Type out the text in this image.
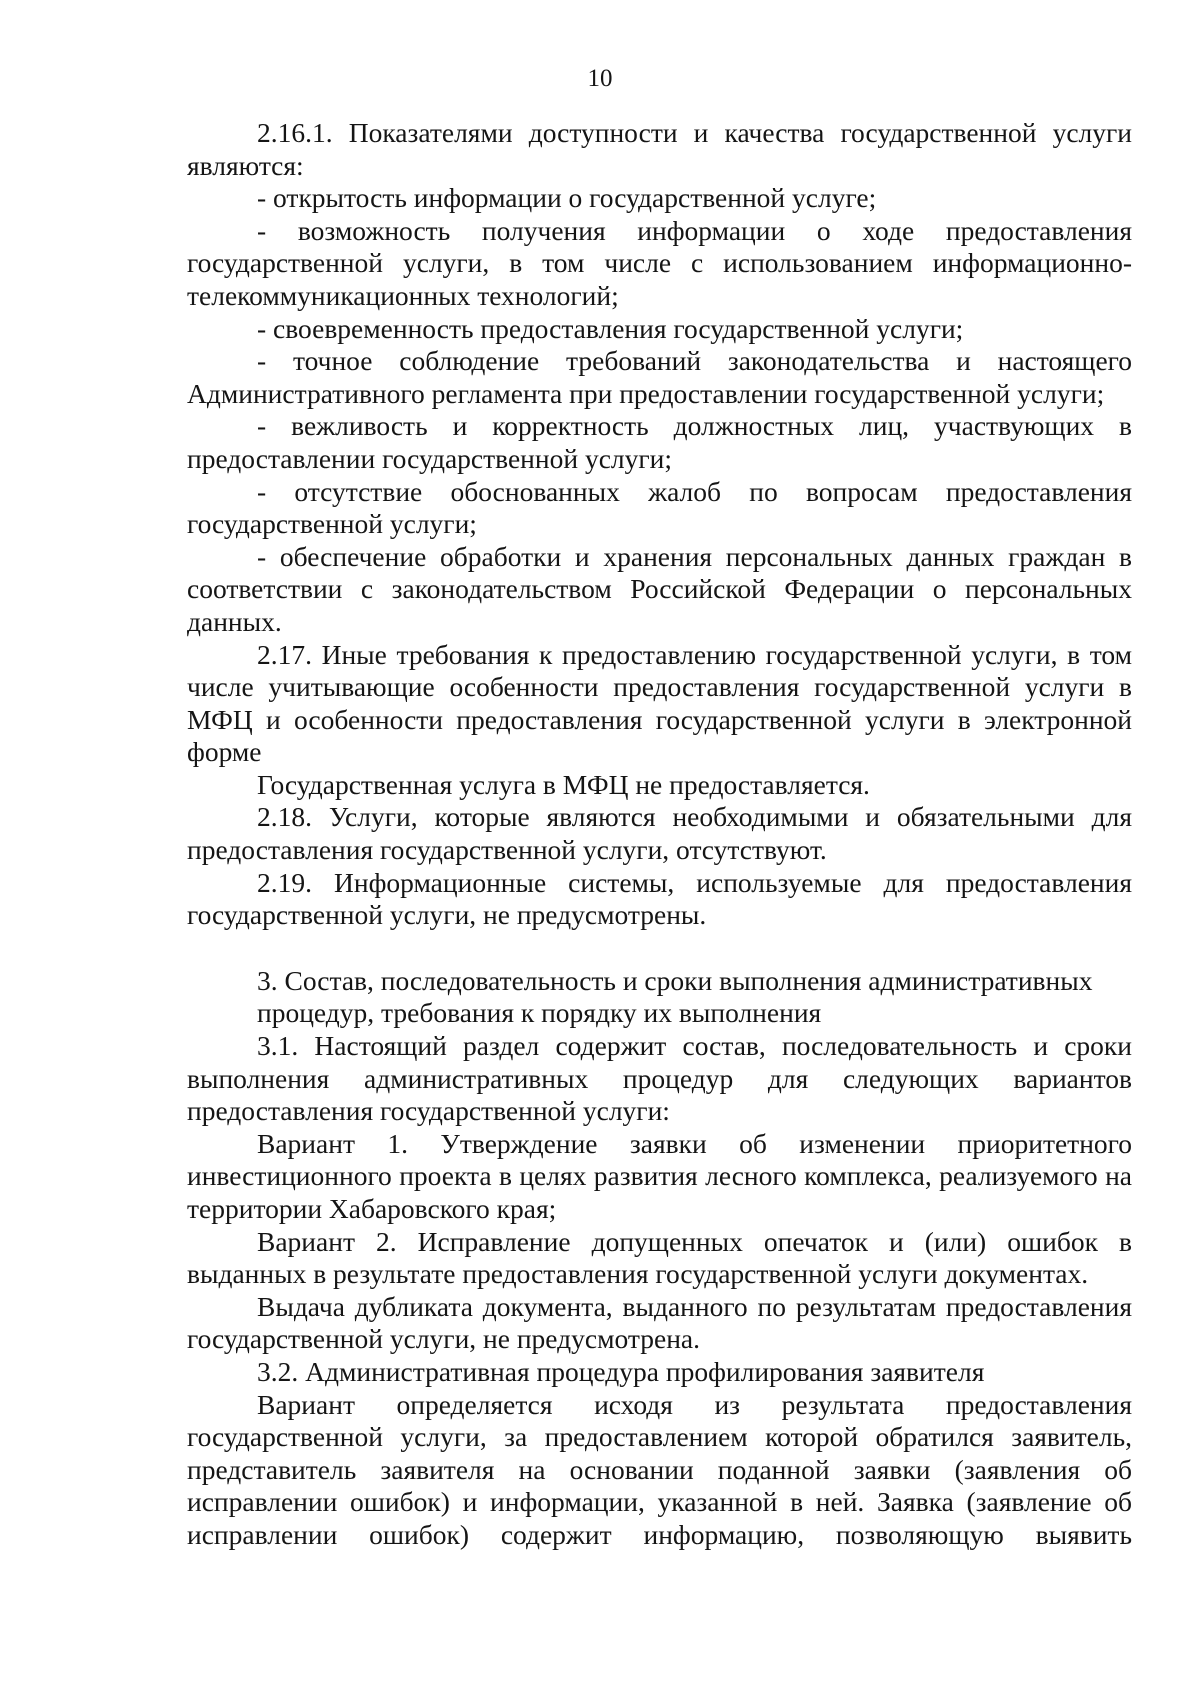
10

2.16.1. Показателями доступности и качества государственной услуги являются:

- открытость информации о государственной услуге;

- возможность получения информации о ходе предоставления государственной услуги, в том числе с использованием информационно-телекоммуникационных технологий;

- своевременность предоставления государственной услуги;

- точное соблюдение требований законодательства и настоящего Административного регламента при предоставлении государственной услуги;

- вежливость и корректность должностных лиц, участвующих в предоставлении государственной услуги;

- отсутствие обоснованных жалоб по вопросам предоставления государственной услуги;

- обеспечение обработки и хранения персональных данных граждан в соответствии с законодательством Российской Федерации о персональных данных.

2.17. Иные требования к предоставлению государственной услуги, в том числе учитывающие особенности предоставления государственной услуги в МФЦ и особенности предоставления государственной услуги в электронной форме

Государственная услуга в МФЦ не предоставляется.

2.18. Услуги, которые являются необходимыми и обязательными для предоставления государственной услуги, отсутствуют.

2.19. Информационные системы, используемые для предоставления государственной услуги, не предусмотрены.

3. Состав, последовательность и сроки выполнения административных процедур, требования к порядку их выполнения

3.1. Настоящий раздел содержит состав, последовательность и сроки выполнения административных процедур для следующих вариантов предоставления государственной услуги:

Вариант 1. Утверждение заявки об изменении приоритетного инвестиционного проекта в целях развития лесного комплекса, реализуемого на территории Хабаровского края;

Вариант 2. Исправление допущенных опечаток и (или) ошибок в выданных в результате предоставления государственной услуги документах.

Выдача дубликата документа, выданного по результатам предоставления государственной услуги, не предусмотрена.

3.2. Административная процедура профилирования заявителя

Вариант определяется исходя из результата предоставления государственной услуги, за предоставлением которой обратился заявитель, представитель заявителя на основании поданной заявки (заявления об исправлении ошибок) и информации, указанной в ней. Заявка (заявление об исправлении ошибок) содержит информацию, позволяющую выявить
